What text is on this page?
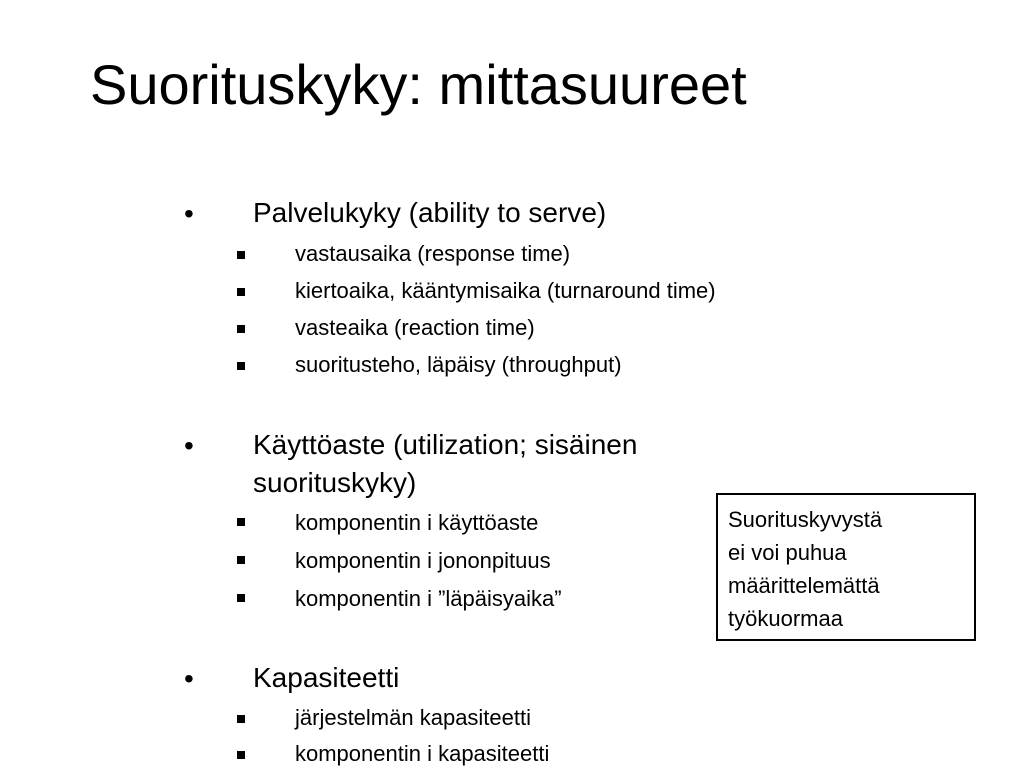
Suorituskyky: mittasuureet
• Palvelukyky (ability to serve)
vastausaika (response time)
kiertoaika, kääntymisaika (turnaround time)
vasteaika (reaction time)
suoritusteho, läpäisy (throughput)
• Käyttöaste (utilization; sisäinen
suorituskyky)
komponentin i käyttöaste
komponentin i jononpituus
komponentin i ”läpäisyaika”
• Kapasiteetti
järjestelmän kapasiteetti
komponentin i kapasiteetti
Suorituskyvystä
ei voi puhua
määrittelemättä
työkuormaa
